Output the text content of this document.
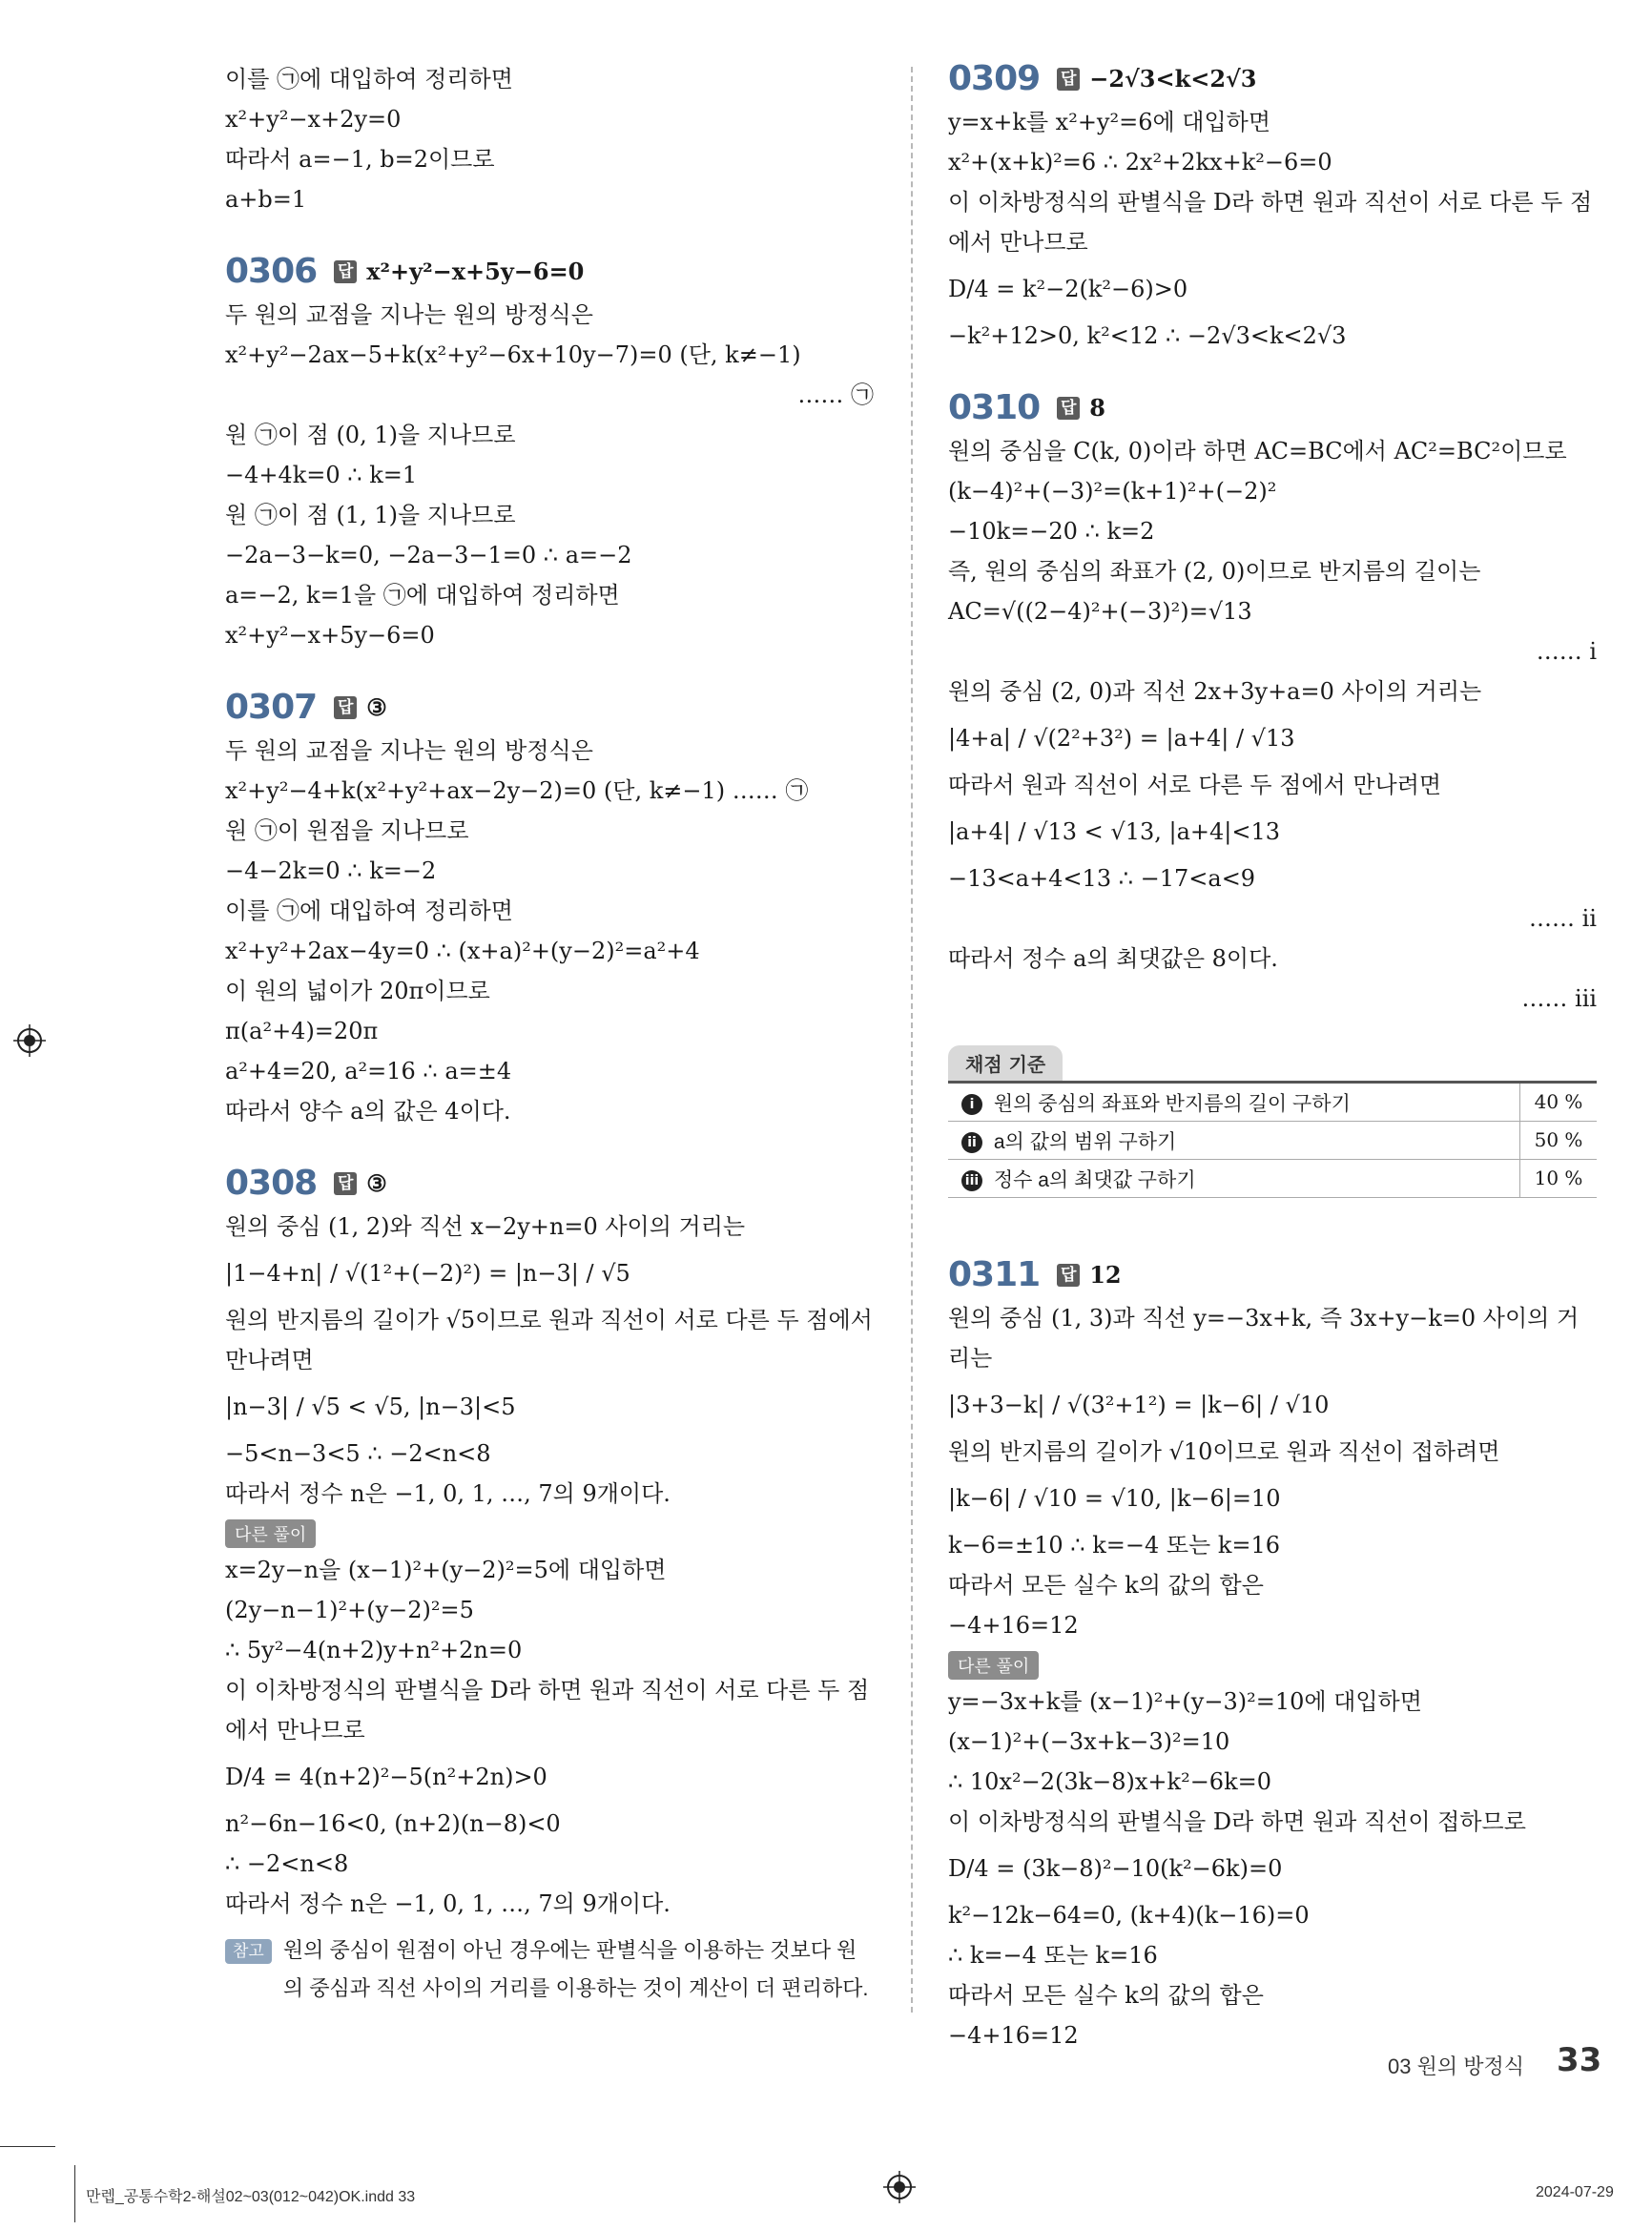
이를 ㉠에 대입하여 정리하면
x²+y²−x+2y=0
따라서 a=−1, b=2이므로
a+b=1
0306 답 x²+y²−x+5y−6=0
두 원의 교점을 지나는 원의 방정식은
x²+y²−2ax−5+k(x²+y²−6x+10y−7)=0 (단, k≠−1)
…… ㉠
원 ㉠이 점 (0, 1)을 지나므로
−4+4k=0 ∴ k=1
원 ㉠이 점 (1, 1)을 지나므로
−2a−3−k=0, −2a−3−1=0 ∴ a=−2
a=−2, k=1을 ㉠에 대입하여 정리하면
x²+y²−x+5y−6=0
0307 답 ③
두 원의 교점을 지나는 원의 방정식은
x²+y²−4+k(x²+y²+ax−2y−2)=0 (단, k≠−1) …… ㉠
원 ㉠이 원점을 지나므로
−4−2k=0 ∴ k=−2
이를 ㉠에 대입하여 정리하면
x²+y²+2ax−4y=0 ∴ (x+a)²+(y−2)²=a²+4
이 원의 넓이가 20π이므로
π(a²+4)=20π
a²+4=20, a²=16 ∴ a=±4
따라서 양수 a의 값은 4이다.
0308 답 ③
원의 중심 (1, 2)와 직선 x−2y+n=0 사이의 거리는
|1−4+n| / √(1²+(−2)²) = |n−3| / √5
원의 반지름의 길이가 √5이므로 원과 직선이 서로 다른 두 점에서 만나려면
|n−3| / √5 < √5, |n−3|<5
−5<n−3<5 ∴ −2<n<8
따라서 정수 n은 −1, 0, 1, …, 7의 9개이다.
다른 풀이
x=2y−n을 (x−1)²+(y−2)²=5에 대입하면
(2y−n−1)²+(y−2)²=5
∴ 5y²−4(n+2)y+n²+2n=0
이 이차방정식의 판별식을 D라 하면 원과 직선이 서로 다른 두 점에서 만나므로
D/4 = 4(n+2)²−5(n²+2n)>0
n²−6n−16<0, (n+2)(n−8)<0
∴ −2<n<8
따라서 정수 n은 −1, 0, 1, …, 7의 9개이다.
참고 원의 중심이 원점이 아닌 경우에는 판별식을 이용하는 것보다 원의 중심과 직선 사이의 거리를 이용하는 것이 계산이 더 편리하다.
0309 답 −2√3<k<2√3
y=x+k를 x²+y²=6에 대입하면
x²+(x+k)²=6 ∴ 2x²+2kx+k²−6=0
이 이차방정식의 판별식을 D라 하면 원과 직선이 서로 다른 두 점에서 만나므로
D/4 = k²−2(k²−6)>0
−k²+12>0, k²<12 ∴ −2√3<k<2√3
0310 답 8
원의 중심을 C(k, 0)이라 하면 AC=BC에서 AC²=BC²이므로
(k−4)²+(−3)²=(k+1)²+(−2)²
−10k=−20 ∴ k=2
즉, 원의 중심의 좌표가 (2, 0)이므로 반지름의 길이는
AC=√((2−4)²+(−3)²)=√13
…… ⅰ
원의 중심 (2, 0)과 직선 2x+3y+a=0 사이의 거리는
|4+a| / √(2²+3²) = |a+4| / √13
따라서 원과 직선이 서로 다른 두 점에서 만나려면
|a+4| / √13 < √13, |a+4|<13
−13<a+4<13 ∴ −17<a<9
…… ⅱ
따라서 정수 a의 최댓값은 8이다.
…… ⅲ
채점 기준
i 원의 중심의 좌표와 반지름의 길이 구하기	40 %
ii a의 값의 범위 구하기	50 %
iii 정수 a의 최댓값 구하기	10 %
0311 답 12
원의 중심 (1, 3)과 직선 y=−3x+k, 즉 3x+y−k=0 사이의 거리는
|3+3−k| / √(3²+1²) = |k−6| / √10
원의 반지름의 길이가 √10이므로 원과 직선이 접하려면
|k−6| / √10 = √10, |k−6|=10
k−6=±10 ∴ k=−4 또는 k=16
따라서 모든 실수 k의 값의 합은
−4+16=12
다른 풀이
y=−3x+k를 (x−1)²+(y−3)²=10에 대입하면
(x−1)²+(−3x+k−3)²=10
∴ 10x²−2(3k−8)x+k²−6k=0
이 이차방정식의 판별식을 D라 하면 원과 직선이 접하므로
D/4 = (3k−8)²−10(k²−6k)=0
k²−12k−64=0, (k+4)(k−16)=0
∴ k=−4 또는 k=16
따라서 모든 실수 k의 값의 합은
−4+16=12
03 원의 방정식 33
만렙_공통수학2-해설02~03(012~042)OK.indd 33	2024-07-29
